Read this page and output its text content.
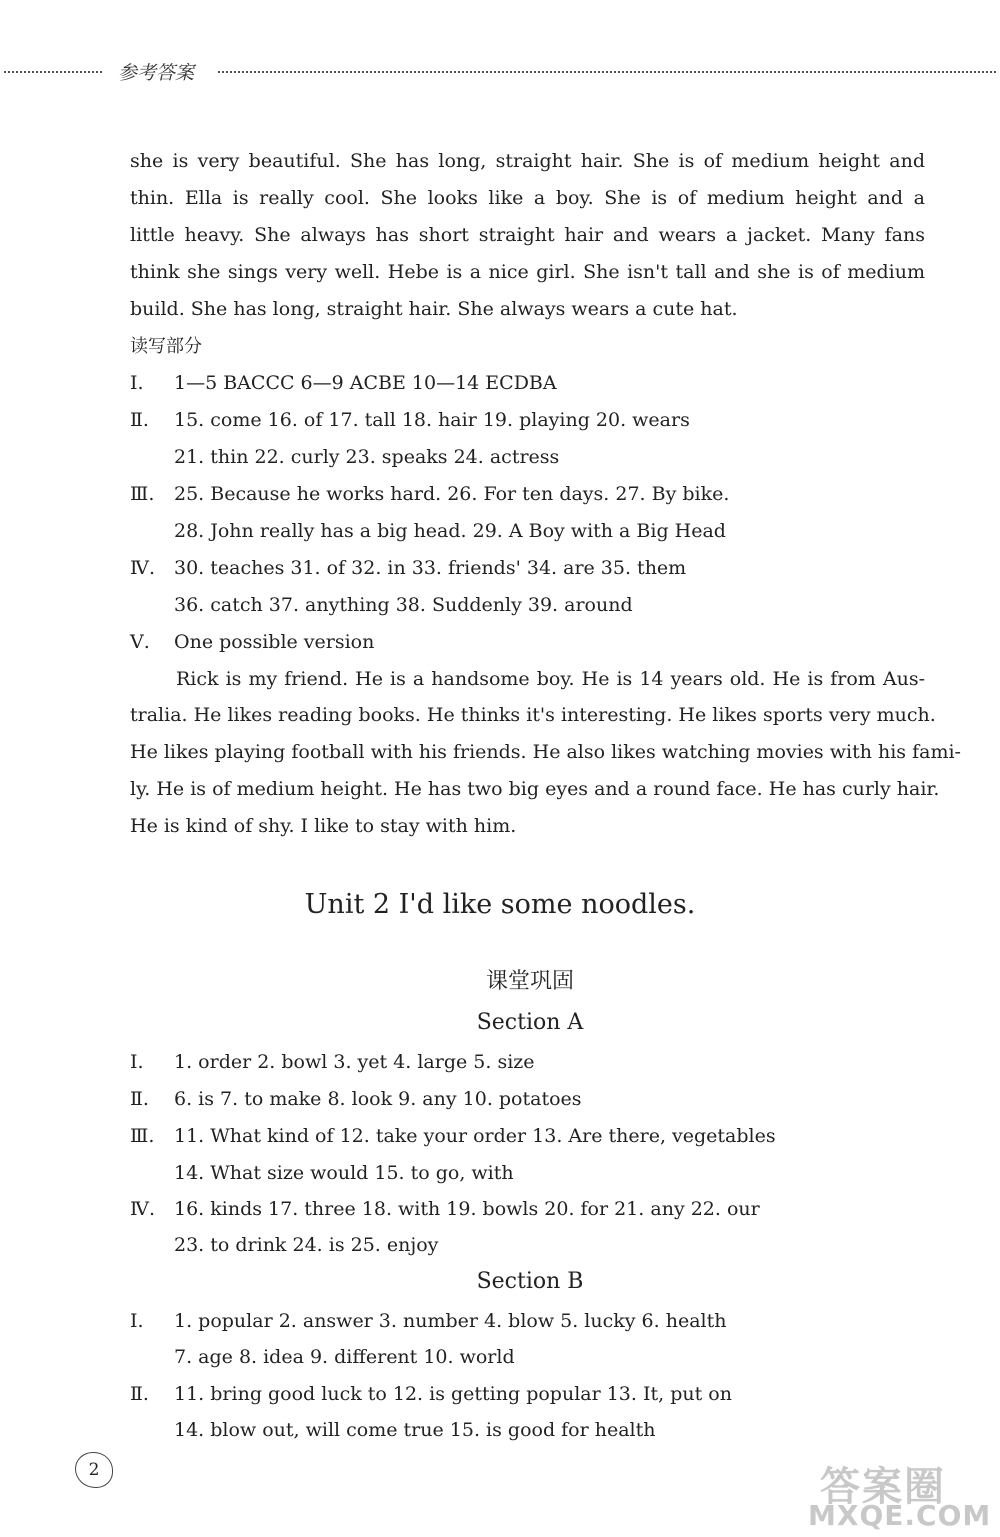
参考答案
she is very beautiful. She has long, straight hair. She is of medium height and
thin. Ella is really cool. She looks like a boy. She is of medium height and a
little heavy. She always has short straight hair and wears a jacket. Many fans
think she sings very well. Hebe is a nice girl. She isn't tall and she is of medium
build. She has long, straight hair. She always wears a cute hat.
读写部分
Ⅰ. 1—5 BACCC 6—9 ACBE 10—14 ECDBA
Ⅱ. 15. come 16. of 17. tall 18. hair 19. playing 20. wears
21. thin 22. curly 23. speaks 24. actress
Ⅲ. 25. Because he works hard. 26. For ten days. 27. By bike.
28. John really has a big head. 29. A Boy with a Big Head
Ⅳ. 30. teaches 31. of 32. in 33. friends' 34. are 35. them
36. catch 37. anything 38. Suddenly 39. around
Ⅴ. One possible version
Rick is my friend. He is a handsome boy. He is 14 years old. He is from Aus-
tralia. He likes reading books. He thinks it's interesting. He likes sports very much.
He likes playing football with his friends. He also likes watching movies with his fami-
ly. He is of medium height. He has two big eyes and a round face. He has curly hair.
He is kind of shy. I like to stay with him.
Unit 2 I'd like some noodles.
课堂巩固
Section A
Ⅰ. 1. order 2. bowl 3. yet 4. large 5. size
Ⅱ. 6. is 7. to make 8. look 9. any 10. potatoes
Ⅲ. 11. What kind of 12. take your order 13. Are there, vegetables
14. What size would 15. to go, with
Ⅳ. 16. kinds 17. three 18. with 19. bowls 20. for 21. any 22. our
23. to drink 24. is 25. enjoy
Section B
Ⅰ. 1. popular 2. answer 3. number 4. blow 5. lucky 6. health
7. age 8. idea 9. different 10. world
Ⅱ. 11. bring good luck to 12. is getting popular 13. It, put on
14. blow out, will come true 15. is good for health
2	答案圈
MXQE.COM
